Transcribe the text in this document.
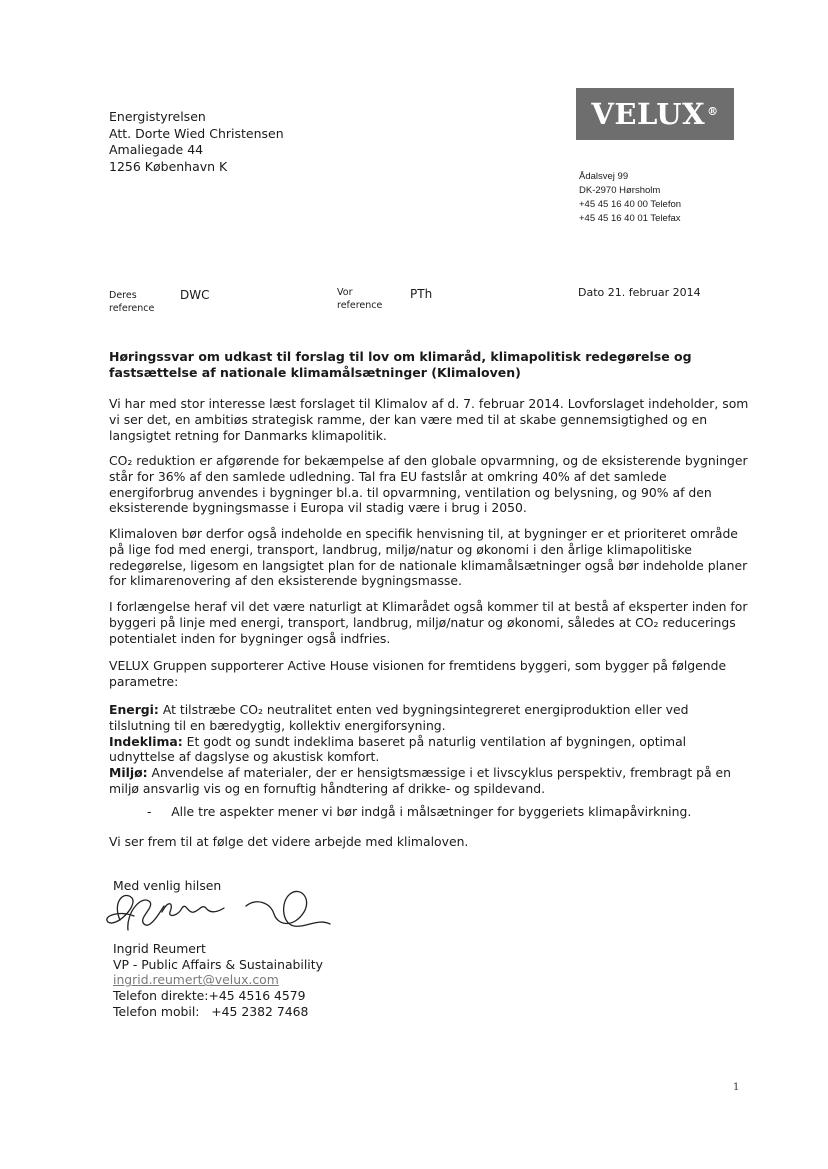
Energistyrelsen
Att. Dorte Wied Christensen
Amaliegade 44
1256 København K
VELUX ®
Ådalsvej 99
DK-2970 Hørsholm
+45 45 16 40 00 Telefon
+45 45 16 40 01 Telefax
Deres
reference
DWC	Vor
reference
PTh	Dato 21. februar 2014
Høringssvar om udkast til forslag til lov om klimaråd, klimapolitisk redegørelse og fastsættelse af nationale klimamålsætninger (Klimaloven)

Vi har med stor interesse læst forslaget til Klimalov af d. 7. februar 2014. Lovforslaget indeholder, som vi ser det, en ambitiøs strategisk ramme, der kan være med til at skabe gennemsigtighed og en langsigtet retning for Danmarks klimapolitik.

CO₂ reduktion er afgørende for bekæmpelse af den globale opvarmning, og de eksisterende bygninger står for 36% af den samlede udledning. Tal fra EU fastslår at omkring 40% af det samlede energiforbrug anvendes i bygninger bl.a. til opvarmning, ventilation og belysning, og 90% af den eksisterende bygningsmasse i Europa vil stadig være i brug i 2050.

Klimaloven bør derfor også indeholde en specifik henvisning til, at bygninger er et prioriteret område på lige fod med energi, transport, landbrug, miljø/natur og økonomi i den årlige klimapolitiske redegørelse, ligesom en langsigtet plan for de nationale klimamålsætninger også bør indeholde planer for klimarenovering af den eksisterende bygningsmasse.

I forlængelse heraf vil det være naturligt at Klimarådet også kommer til at bestå af eksperter inden for byggeri på linje med energi, transport, landbrug, miljø/natur og økonomi, således at CO₂ reducerings potentialet inden for bygninger også indfries.

VELUX Gruppen supporterer Active House visionen for fremtidens byggeri, som bygger på følgende parametre:

Energi: At tilstræbe CO₂ neutralitet enten ved bygningsintegreret energiproduktion eller ved tilslutning til en bæredygtig, kollektiv energiforsyning.

Indeklima: Et godt og sundt indeklima baseret på naturlig ventilation af bygningen, optimal udnyttelse af dagslyse og akustisk komfort.

Miljø: Anvendelse af materialer, der er hensigtsmæssige i et livscyklus perspektiv, frembragt på en miljø ansvarlig vis og en fornuftig håndtering af drikke- og spildevand.

- Alle tre aspekter mener vi bør indgå i målsætninger for byggeriets klimapåvirkning.
Vi ser frem til at følge det videre arbejde med klimaloven.
Med venlig hilsen
Ingrid Reumert
VP - Public Affairs & Sustainability
ingrid.reumert@velux.com
Telefon direkte:+45 4516 4579
Telefon mobil:   +45 2382 7468
1
